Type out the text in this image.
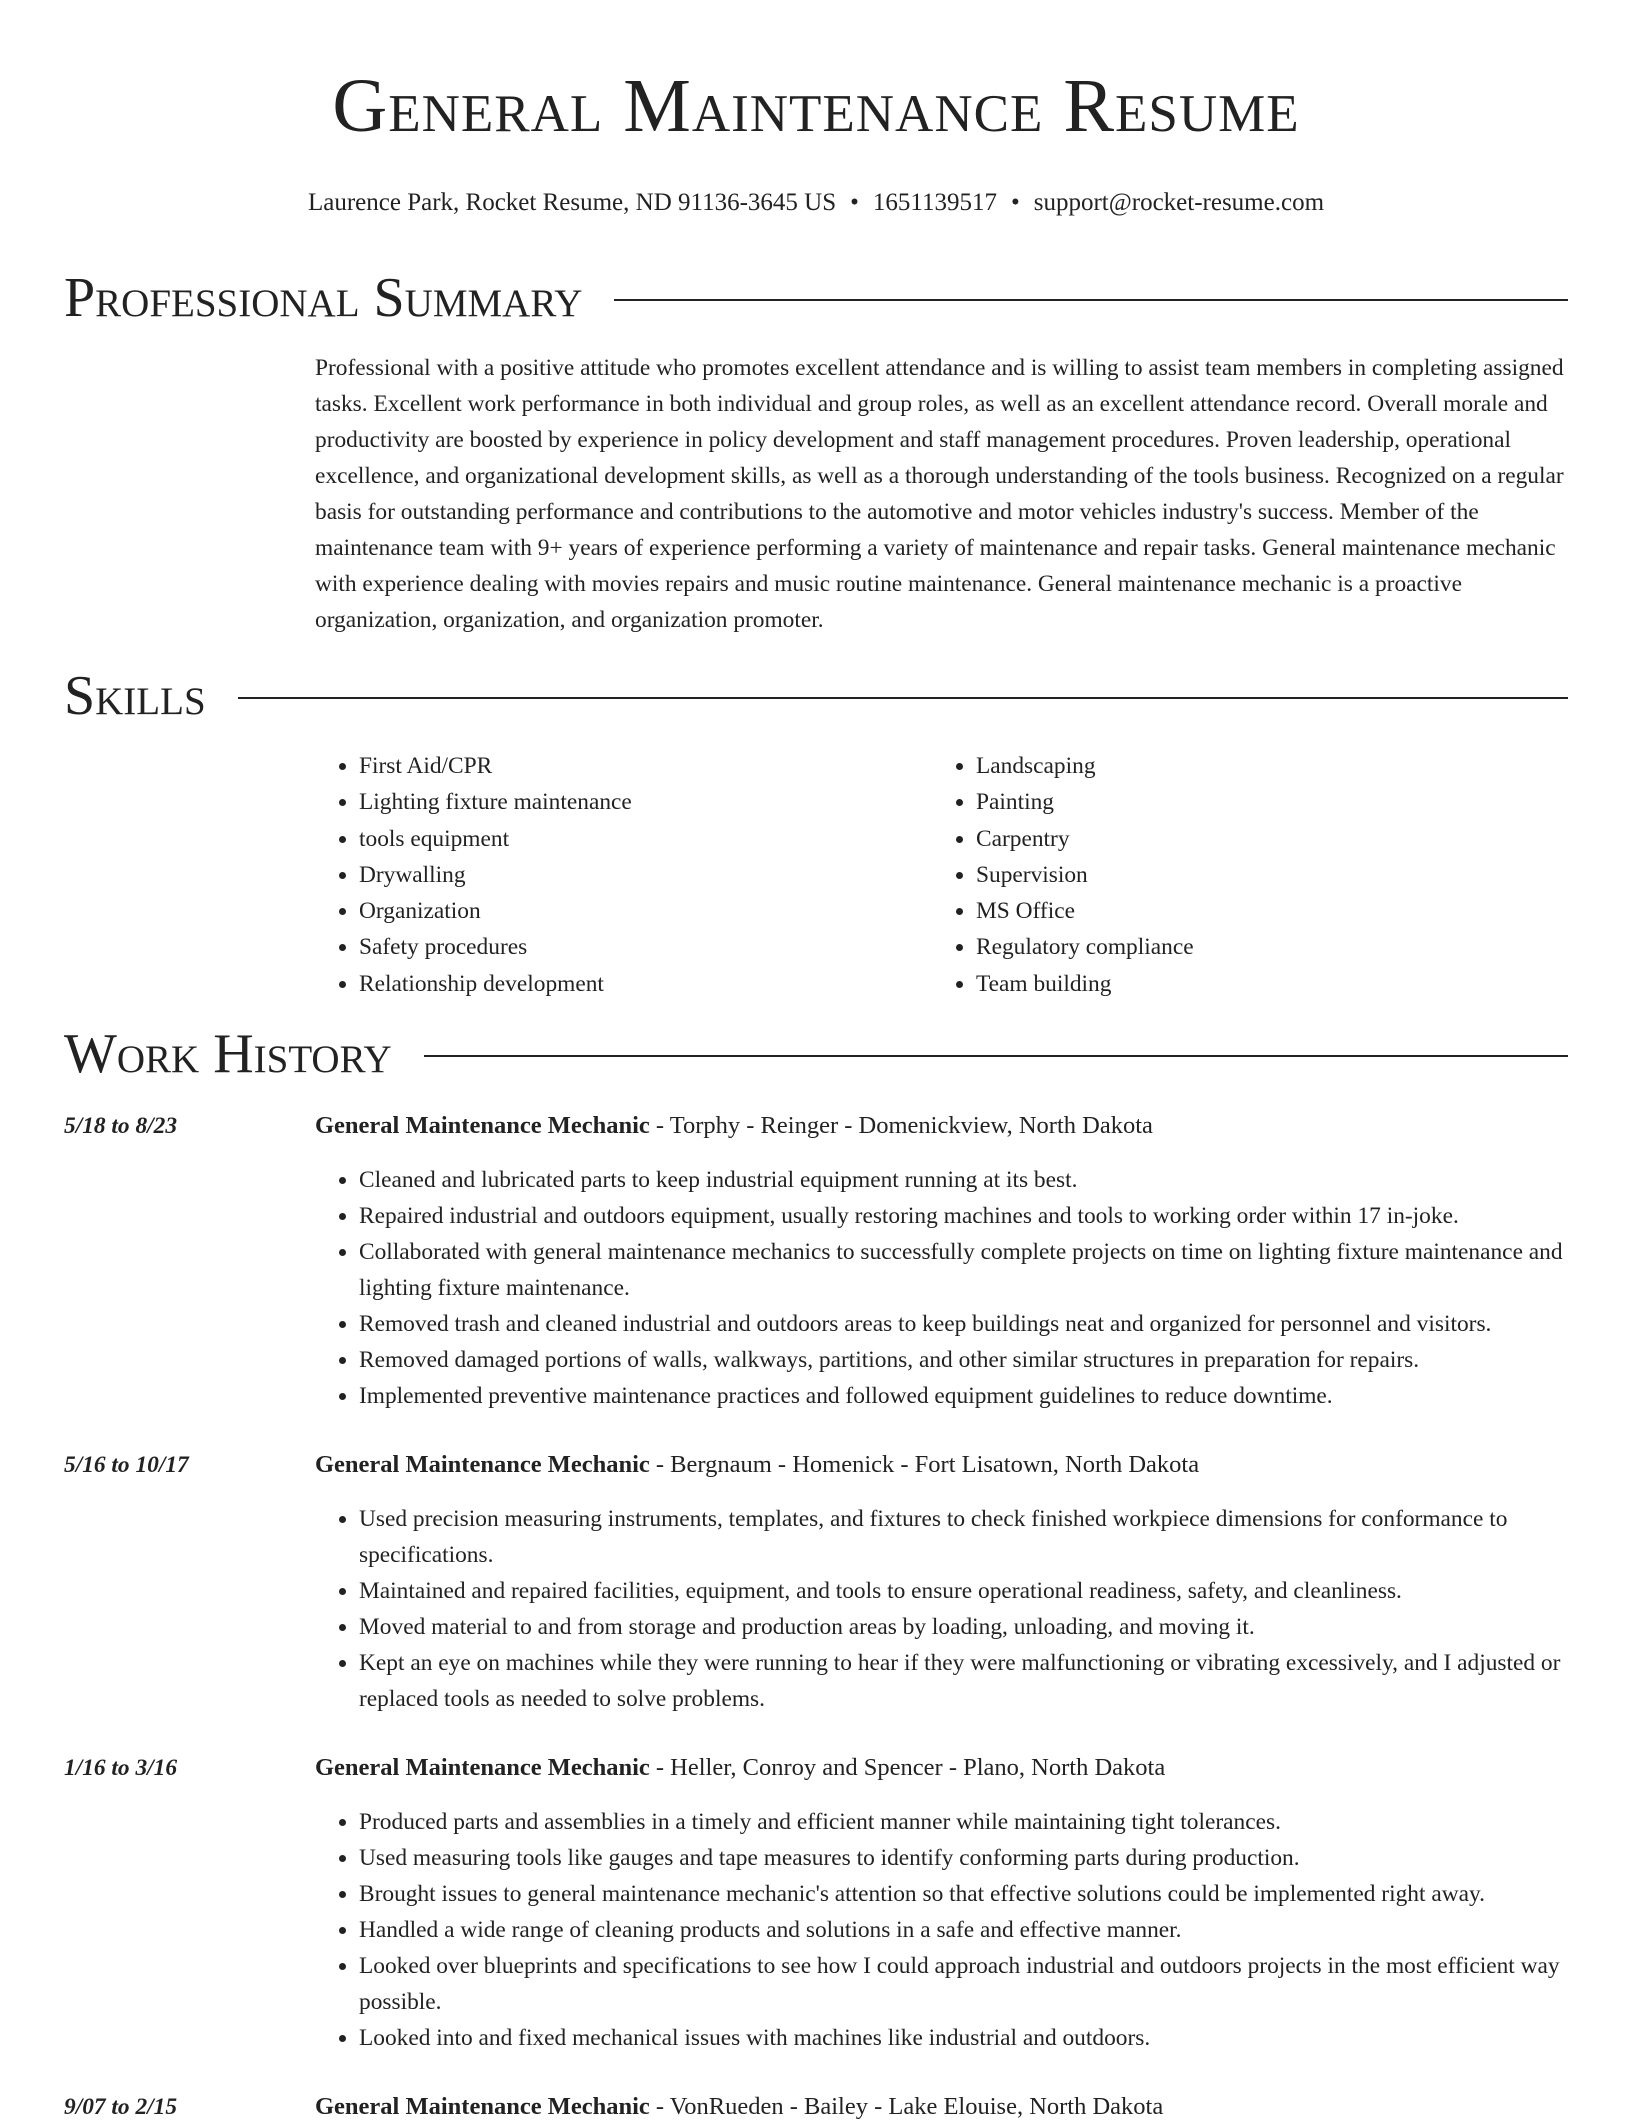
General Maintenance Resume
Laurence Park, Rocket Resume, ND 91136-3645 US • 1651139517 • support@rocket-resume.com
Professional Summary

Professional with a positive attitude who promotes excellent attendance and is willing to assist team members in completing assigned tasks. Excellent work performance in both individual and group roles, as well as an excellent attendance record. Overall morale and productivity are boosted by experience in policy development and staff management procedures. Proven leadership, operational excellence, and organizational development skills, as well as a thorough understanding of the tools business. Recognized on a regular basis for outstanding performance and contributions to the automotive and motor vehicles industry's success. Member of the maintenance team with 9+ years of experience performing a variety of maintenance and repair tasks. General maintenance mechanic with experience dealing with movies repairs and music routine maintenance. General maintenance mechanic is a proactive organization, organization, and organization promoter.

Skills
• First Aid/CPR
• Lighting fixture maintenance
• tools equipment
• Drywalling
• Organization
• Safety procedures
• Relationship development
• Landscaping
• Painting
• Carpentry
• Supervision
• MS Office
• Regulatory compliance
• Team building
Work History
5/18 to 8/23	General Maintenance Mechanic - Torphy - Reinger - Domenickview, North Dakota
• Cleaned and lubricated parts to keep industrial equipment running at its best.
• Repaired industrial and outdoors equipment, usually restoring machines and tools to working order within 17 in-joke.
• Collaborated with general maintenance mechanics to successfully complete projects on time on lighting fixture maintenance and lighting fixture maintenance.
• Removed trash and cleaned industrial and outdoors areas to keep buildings neat and organized for personnel and visitors.
• Removed damaged portions of walls, walkways, partitions, and other similar structures in preparation for repairs.
• Implemented preventive maintenance practices and followed equipment guidelines to reduce downtime.
5/16 to 10/17	General Maintenance Mechanic - Bergnaum - Homenick - Fort Lisatown, North Dakota
• Used precision measuring instruments, templates, and fixtures to check finished workpiece dimensions for conformance to specifications.
• Maintained and repaired facilities, equipment, and tools to ensure operational readiness, safety, and cleanliness.
• Moved material to and from storage and production areas by loading, unloading, and moving it.
• Kept an eye on machines while they were running to hear if they were malfunctioning or vibrating excessively, and I adjusted or replaced tools as needed to solve problems.
1/16 to 3/16	General Maintenance Mechanic - Heller, Conroy and Spencer - Plano, North Dakota
• Produced parts and assemblies in a timely and efficient manner while maintaining tight tolerances.
• Used measuring tools like gauges and tape measures to identify conforming parts during production.
• Brought issues to general maintenance mechanic's attention so that effective solutions could be implemented right away.
• Handled a wide range of cleaning products and solutions in a safe and effective manner.
• Looked over blueprints and specifications to see how I could approach industrial and outdoors projects in the most efficient way possible.
• Looked into and fixed mechanical issues with machines like industrial and outdoors.
9/07 to 2/15	General Maintenance Mechanic - VonRueden - Bailey - Lake Elouise, North Dakota
